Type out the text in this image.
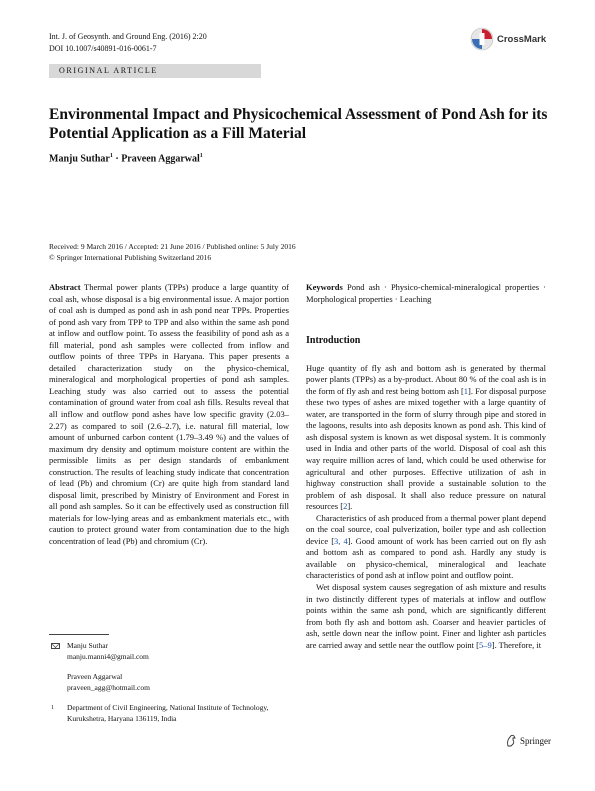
Int. J. of Geosynth. and Ground Eng. (2016) 2:20
DOI 10.1007/s40891-016-0061-7
CrossMark
ORIGINAL ARTICLE
Environmental Impact and Physicochemical Assessment of Pond Ash for its Potential Application as a Fill Material
Manju Suthar$^1$ · Praveen Aggarwal$^1$
Received: 9 March 2016 / Accepted: 21 June 2016 / Published online: 5 July 2016
© Springer International Publishing Switzerland 2016

Abstract Thermal power plants (TPPs) produce a large quantity of coal ash, whose disposal is a big environmental issue. A major portion of coal ash is dumped as pond ash in ash pond near TPPs. Properties of pond ash vary from TPP to TPP and also within the same ash pond at inflow and outflow point. To assess the feasibility of pond ash as a fill material, pond ash samples were collected from inflow and outflow points of three TPPs in Haryana. This paper presents a detailed characterization study on the physico-chemical, mineralogical and morphological properties of pond ash samples. Leaching study was also carried out to assess the potential contamination of ground water from coal ash fills. Results reveal that all inflow and outflow pond ashes have low specific gravity (2.03–2.27) as compared to soil (2.6–2.7), i.e. natural fill material, low amount of unburned carbon content (1.79–3.49 %) and the values of maximum dry density and optimum moisture content are within the permissible limits as per design standards of embankment construction. The results of leaching study indicate that concentration of lead (Pb) and chromium (Cr) are quite high from standard land disposal limit, prescribed by Ministry of Environment and Forest in all pond ash samples. So it can be effectively used as construction fill materials for low-lying areas and as embankment materials etc., with caution to protect ground water from contamination due to the high concentration of lead (Pb) and chromium (Cr).

Manju Suthar
manju.manni4@gmail.com
Praveen Aggarwal
praveen_agg@hotmail.com
1 Department of Civil Engineering, National Institute of Technology, Kurukshetra, Haryana 136119, India

Keywords Pond ash · Physico-chemical-mineralogical properties · Morphological properties · Leaching

Introduction

Huge quantity of fly ash and bottom ash is generated by thermal power plants (TPPs) as a by-product. About 80 % of the coal ash is in the form of fly ash and rest being bottom ash [1]. For disposal purpose these two types of ashes are mixed together with a large quantity of water, are transported in the form of slurry through pipe and stored in the lagoons, results into ash deposits known as pond ash. This kind of ash disposal system is known as wet disposal system. It is commonly used in India and other parts of the world. Disposal of coal ash this way require million acres of land, which could be used otherwise for agricultural and other purposes. Effective utilization of ash in highway construction shall provide a sustainable solution to the problem of ash disposal. It shall also reduce pressure on natural resources [2].

Characteristics of ash produced from a thermal power plant depend on the coal source, coal pulverization, boiler type and ash collection device [3, 4]. Good amount of work has been carried out on fly ash and bottom ash as compared to pond ash. Hardly any study is available on physico-chemical, mineralogical and leachate characteristics of pond ash at inflow point and outflow point.

Wet disposal system causes segregation of ash mixture and results in two distinctly different types of materials at inflow and outflow points within the same ash pond, which are significantly different from both fly ash and bottom ash. Coarser and heavier particles of ash, settle down near the inflow point. Finer and lighter ash particles are carried away and settle near the outflow point [5–9]. Therefore, it

Springer
